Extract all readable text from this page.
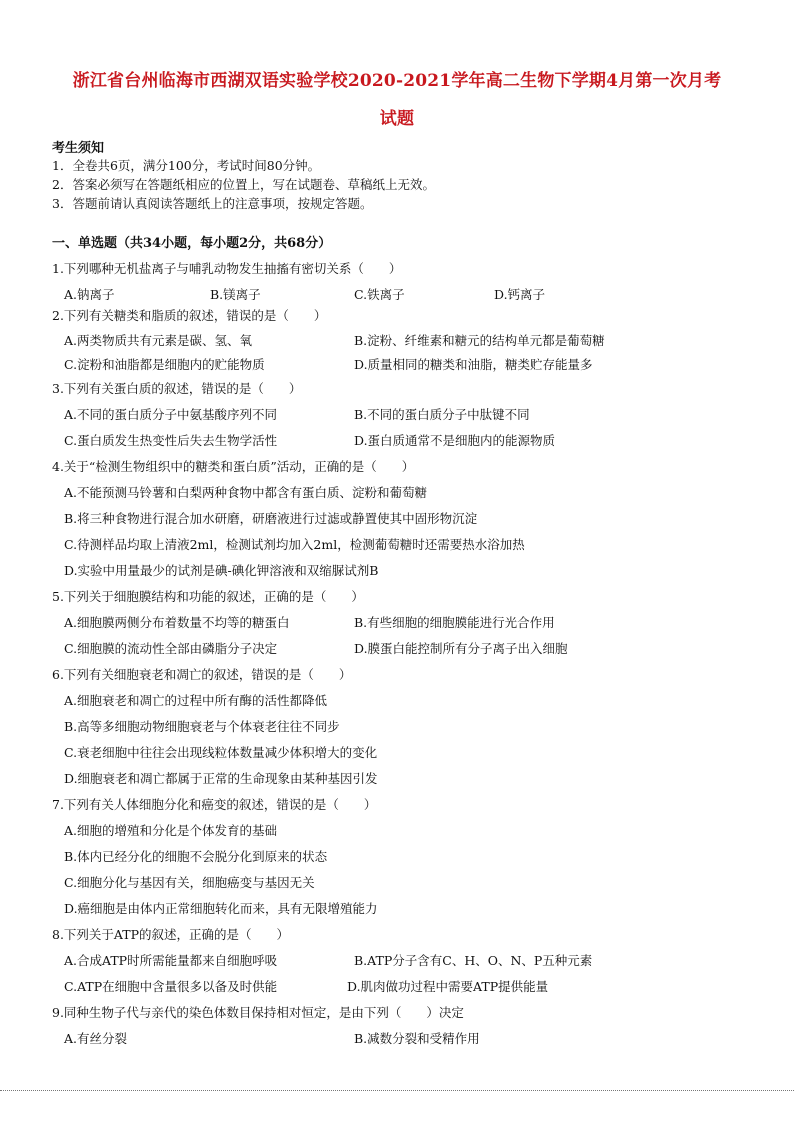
浙江省台州临海市西湖双语实验学校2020-2021学年高二生物下学期4月第一次月考
试题
考生须知
1．全卷共6页，满分100分，考试时间80分钟。
2．答案必须写在答题纸相应的位置上，写在试题卷、草稿纸上无效。
3．答题前请认真阅读答题纸上的注意事项，按规定答题。
一、单选题（共34小题，每小题2分，共68分）
1.下列哪种无机盐离子与哺乳动物发生抽搐有密切关系（　　）
A.钠离子	B.镁离子	C.铁离子	D.钙离子
2.下列有关糖类和脂质的叙述，错误的是（　　）
A.两类物质共有元素是碳、氢、氧	B.淀粉、纤维素和糖元的结构单元都是葡萄糖
C.淀粉和油脂都是细胞内的贮能物质	D.质量相同的糖类和油脂，糖类贮存能量多
3.下列有关蛋白质的叙述，错误的是（　　）
A.不同的蛋白质分子中氨基酸序列不同	B.不同的蛋白质分子中肽键不同
C.蛋白质发生热变性后失去生物学活性	D.蛋白质通常不是细胞内的能源物质
4.关于“检测生物组织中的糖类和蛋白质”活动，正确的是（　　）
A.不能预测马铃薯和白梨两种食物中都含有蛋白质、淀粉和葡萄糖
B.将三种食物进行混合加水研磨，研磨液进行过滤或静置使其中固形物沉淀
C.待测样品均取上清液2ml，检测试剂均加入2ml，检测葡萄糖时还需要热水浴加热
D.实验中用量最少的试剂是碘-碘化钾溶液和双缩脲试剂B
5.下列关于细胞膜结构和功能的叙述，正确的是（　　）
A.细胞膜两侧分布着数量不均等的糖蛋白	B.有些细胞的细胞膜能进行光合作用
C.细胞膜的流动性全部由磷脂分子决定	D.膜蛋白能控制所有分子离子出入细胞
6.下列有关细胞衰老和凋亡的叙述，错误的是（　　）
A.细胞衰老和凋亡的过程中所有酶的活性都降低
B.高等多细胞动物细胞衰老与个体衰老往往不同步
C.衰老细胞中往往会出现线粒体数量减少体积增大的变化
D.细胞衰老和凋亡都属于正常的生命现象由某种基因引发
7.下列有关人体细胞分化和癌变的叙述，错误的是（　　）
A.细胞的增殖和分化是个体发育的基础
B.体内已经分化的细胞不会脱分化到原来的状态
C.细胞分化与基因有关，细胞癌变与基因无关
D.癌细胞是由体内正常细胞转化而来，具有无限增殖能力
8.下列关于ATP的叙述，正确的是（　　）
A.合成ATP时所需能量都来自细胞呼吸	B.ATP分子含有C、H、O、N、P五种元素
C.ATP在细胞中含量很多以备及时供能	D.肌肉做功过程中需要ATP提供能量
9.同种生物子代与亲代的染色体数目保持相对恒定，是由下列（　　）决定
A.有丝分裂	B.减数分裂和受精作用
